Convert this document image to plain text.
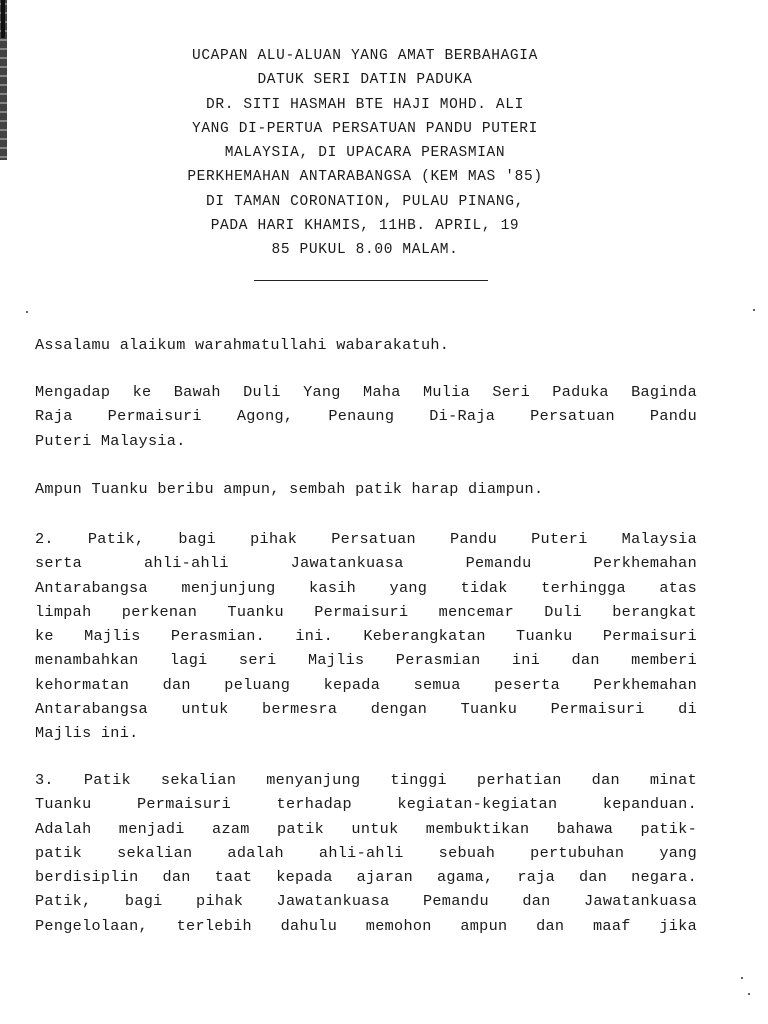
UCAPAN ALU-ALUAN YANG AMAT BERBAHAGIA
DATUK SERI DATIN PADUKA
DR. SITI HASMAH BTE HAJI MOHD. ALI
YANG DI-PERTUA PERSATUAN PANDU PUTERI
MALAYSIA, DI UPACARA PERASMIAN
PERKHEMAHAN ANTARABANGSA (KEM MAS '85)
DI TAMAN CORONATION, PULAU PINANG,
PADA HARI KHAMIS, 11HB. APRIL, 19
85 PUKUL 8.00 MALAM.

Assalamu alaikum warahmatullahi wabarakatuh.

Mengadap ke Bawah Duli Yang Maha Mulia Seri Paduka Baginda
Raja Permaisuri Agong, Penaung Di-Raja Persatuan Pandu
Puteri Malaysia.

Ampun Tuanku beribu ampun, sembah patik harap diampun.

2. Patik, bagi pihak Persatuan Pandu Puteri Malaysia
serta ahli-ahli Jawatankuasa Pemandu Perkhemahan
Antarabangsa menjunjung kasih yang tidak terhingga atas
limpah perkenan Tuanku Permaisuri mencemar Duli berangkat
ke Majlis Perasmian. ini. Keberangkatan Tuanku Permaisuri
menambahkan lagi seri Majlis Perasmian ini dan memberi
kehormatan dan peluang kepada semua peserta Perkhemahan
Antarabangsa untuk bermesra dengan Tuanku Permaisuri di
Majlis ini.
3. Patik sekalian menyanjung tinggi perhatian dan minat
Tuanku Permaisuri terhadap kegiatan-kegiatan kepanduan.
Adalah menjadi azam patik untuk membuktikan bahawa patik-
patik sekalian adalah ahli-ahli sebuah pertubuhan yang
berdisiplin dan taat kepada ajaran agama, raja dan negara.
Patik, bagi pihak Jawatankuasa Pemandu dan Jawatankuasa
Pengelolaan, terlebih dahulu memohon ampun dan maaf jika
